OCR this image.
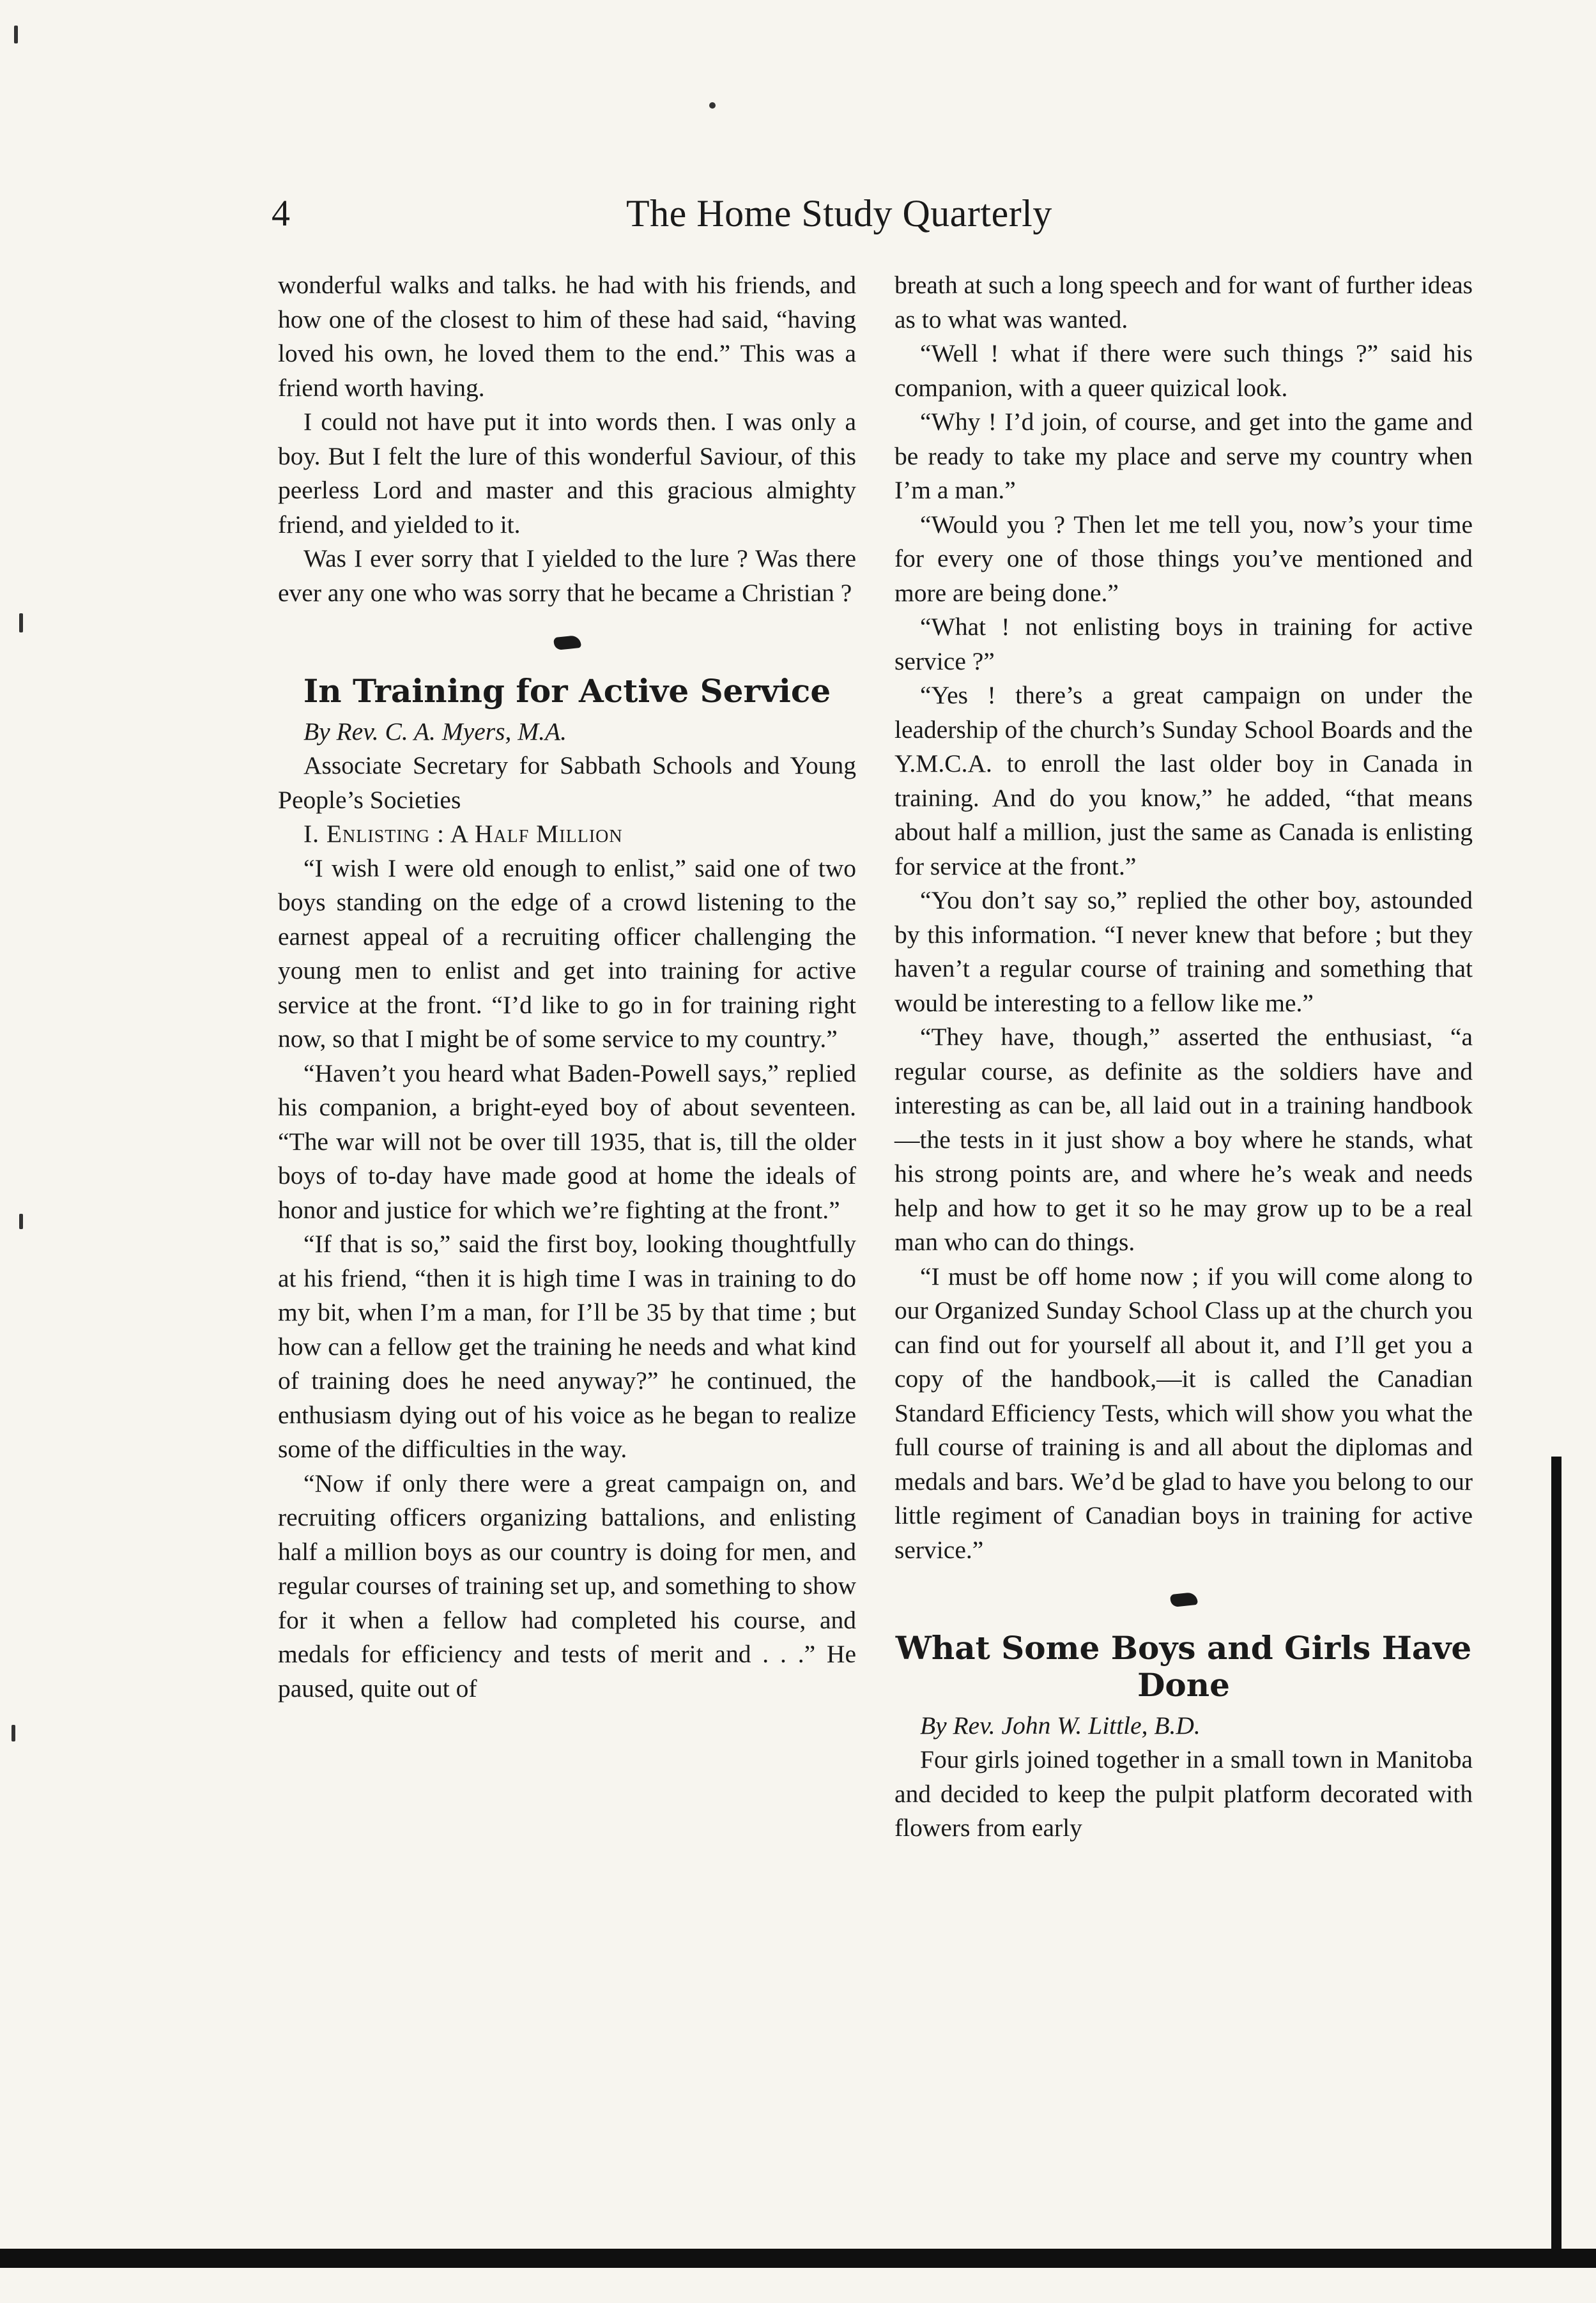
4	The Home Study Quarterly

wonderful walks and talks. he had with his friends, and how one of the closest to him of these had said, “having loved his own, he loved them to the end.” This was a friend worth having.

I could not have put it into words then. I was only a boy. But I felt the lure of this wonderful Saviour, of this peerless Lord and master and this gracious almighty friend, and yielded to it.

Was I ever sorry that I yielded to the lure ? Was there ever any one who was sorry that he became a Christian ?

In Training for Active Service

By Rev. C. A. Myers, M.A.

Associate Secretary for Sabbath Schools and Young People’s Societies

I. Enlisting : A Half Million

“I wish I were old enough to enlist,” said one of two boys standing on the edge of a crowd listening to the earnest appeal of a recruiting officer challenging the young men to enlist and get into training for active service at the front. “I’d like to go in for training right now, so that I might be of some service to my country.”

“Haven’t you heard what Baden-Powell says,” replied his companion, a bright-eyed boy of about seventeen. “The war will not be over till 1935, that is, till the older boys of to-day have made good at home the ideals of honor and justice for which we’re fighting at the front.”

“If that is so,” said the first boy, looking thoughtfully at his friend, “then it is high time I was in training to do my bit, when I’m a man, for I’ll be 35 by that time ; but how can a fellow get the training he needs and what kind of training does he need anyway?” he continued, the enthusiasm dying out of his voice as he began to realize some of the difficulties in the way.

“Now if only there were a great campaign on, and recruiting officers organizing battalions, and enlisting half a million boys as our country is doing for men, and regular courses of training set up, and something to show for it when a fellow had completed his course, and medals for efficiency and tests of merit and . . .” He paused, quite out of

breath at such a long speech and for want of further ideas as to what was wanted.

“Well ! what if there were such things ?” said his companion, with a queer quizical look.

“Why ! I’d join, of course, and get into the game and be ready to take my place and serve my country when I’m a man.”

“Would you ? Then let me tell you, now’s your time for every one of those things you’ve mentioned and more are being done.”

“What ! not enlisting boys in training for active service ?”

“Yes ! there’s a great campaign on under the leadership of the church’s Sunday School Boards and the Y.M.C.A. to enroll the last older boy in Canada in training. And do you know,” he added, “that means about half a million, just the same as Canada is enlisting for service at the front.”

“You don’t say so,” replied the other boy, astounded by this information. “I never knew that before ; but they haven’t a regular course of training and something that would be interesting to a fellow like me.”

“They have, though,” asserted the enthusiast, “a regular course, as definite as the soldiers have and interesting as can be, all laid out in a training handbook—the tests in it just show a boy where he stands, what his strong points are, and where he’s weak and needs help and how to get it so he may grow up to be a real man who can do things.

“I must be off home now ; if you will come along to our Organized Sunday School Class up at the church you can find out for yourself all about it, and I’ll get you a copy of the handbook,—it is called the Canadian Standard Efficiency Tests, which will show you what the full course of training is and all about the diplomas and medals and bars. We’d be glad to have you belong to our little regiment of Canadian boys in training for active service.”

What Some Boys and Girls Have Done

By Rev. John W. Little, B.D.

Four girls joined together in a small town in Manitoba and decided to keep the pulpit platform decorated with flowers from early
